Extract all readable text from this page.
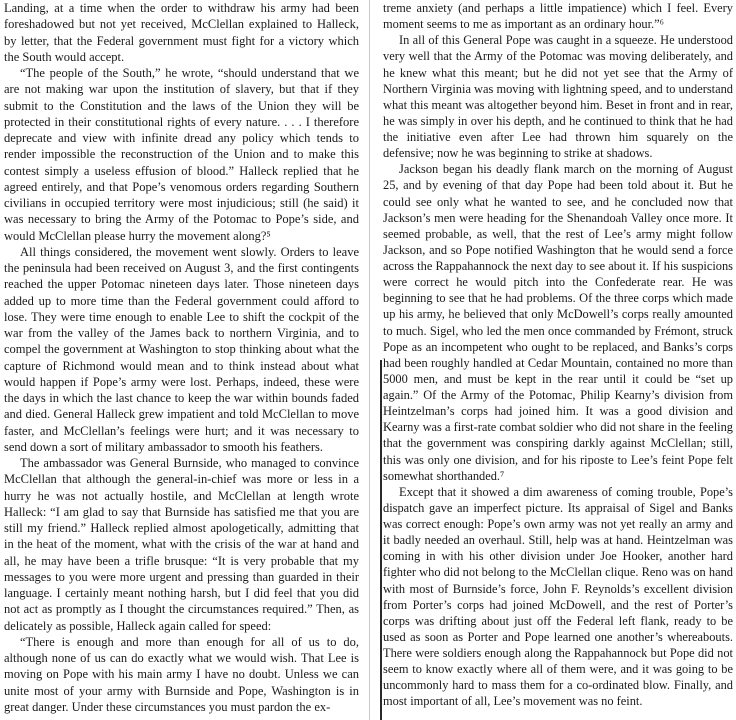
Landing, at a time when the order to withdraw his army had been foreshadowed but not yet received, McClellan explained to Halleck, by letter, that the Federal government must fight for a victory which the South would accept.

“The people of the South,” he wrote, “should understand that we are not making war upon the institution of slavery, but that if they submit to the Constitution and the laws of the Union they will be protected in their constitutional rights of every nature. . . . I therefore deprecate and view with infinite dread any policy which tends to render impossible the reconstruction of the Union and to make this contest simply a useless effusion of blood.” Halleck replied that he agreed entirely, and that Pope’s venomous orders regarding Southern civilians in occupied territory were most injudicious; still (he said) it was necessary to bring the Army of the Potomac to Pope’s side, and would McClellan please hurry the movement along?⁵

All things considered, the movement went slowly. Orders to leave the peninsula had been received on August 3, and the first contingents reached the upper Potomac nineteen days later. Those nineteen days added up to more time than the Federal government could afford to lose. They were time enough to enable Lee to shift the cockpit of the war from the valley of the James back to northern Virginia, and to compel the government at Washington to stop thinking about what the capture of Richmond would mean and to think instead about what would happen if Pope’s army were lost. Perhaps, indeed, these were the days in which the last chance to keep the war within bounds faded and died. General Halleck grew impatient and told McClellan to move faster, and McClellan’s feelings were hurt; and it was necessary to send down a sort of military ambassador to smooth his feathers.

The ambassador was General Burnside, who managed to convince McClellan that although the general-in-chief was more or less in a hurry he was not actually hostile, and McClellan at length wrote Halleck: “I am glad to say that Burnside has satisfied me that you are still my friend.” Halleck replied almost apologetically, admitting that in the heat of the moment, what with the crisis of the war at hand and all, he may have been a trifle brusque: “It is very probable that my messages to you were more urgent and pressing than guarded in their language. I certainly meant nothing harsh, but I did feel that you did not act as promptly as I thought the circumstances required.” Then, as delicately as possible, Halleck again called for speed:

“There is enough and more than enough for all of us to do, although none of us can do exactly what we would wish. That Lee is moving on Pope with his main army I have no doubt. Unless we can unite most of your army with Burnside and Pope, Washington is in great danger. Under these circumstances you must pardon the ex-

treme anxiety (and perhaps a little impatience) which I feel. Every moment seems to me as important as an ordinary hour.”⁶

In all of this General Pope was caught in a squeeze. He understood very well that the Army of the Potomac was moving deliberately, and he knew what this meant; but he did not yet see that the Army of Northern Virginia was moving with lightning speed, and to understand what this meant was altogether beyond him. Beset in front and in rear, he was simply in over his depth, and he continued to think that he had the initiative even after Lee had thrown him squarely on the defensive; now he was beginning to strike at shadows.

Jackson began his deadly flank march on the morning of August 25, and by evening of that day Pope had been told about it. But he could see only what he wanted to see, and he concluded now that Jackson’s men were heading for the Shenandoah Valley once more. It seemed probable, as well, that the rest of Lee’s army might follow Jackson, and so Pope notified Washington that he would send a force across the Rappahannock the next day to see about it. If his suspicions were correct he would pitch into the Confederate rear. He was beginning to see that he had problems. Of the three corps which made up his army, he believed that only McDowell’s corps really amounted to much. Sigel, who led the men once commanded by Frémont, struck Pope as an incompetent who ought to be replaced, and Banks’s corps had been roughly handled at Cedar Mountain, contained no more than 5000 men, and must be kept in the rear until it could be “set up again.” Of the Army of the Potomac, Philip Kearny’s division from Heintzelman’s corps had joined him. It was a good division and Kearny was a first-rate combat soldier who did not share in the feeling that the government was conspiring darkly against McClellan; still, this was only one division, and for his riposte to Lee’s feint Pope felt somewhat shorthanded.⁷

Except that it showed a dim awareness of coming trouble, Pope’s dispatch gave an imperfect picture. Its appraisal of Sigel and Banks was correct enough: Pope’s own army was not yet really an army and it badly needed an overhaul. Still, help was at hand. Heintzelman was coming in with his other division under Joe Hooker, another hard fighter who did not belong to the McClellan clique. Reno was on hand with most of Burnside’s force, John F. Reynolds’s excellent division from Porter’s corps had joined McDowell, and the rest of Porter’s corps was drifting about just off the Federal left flank, ready to be used as soon as Porter and Pope learned one another’s whereabouts. There were soldiers enough along the Rappahannock but Pope did not seem to know exactly where all of them were, and it was going to be uncommonly hard to mass them for a co-ordinated blow. Finally, and most important of all, Lee’s movement was no feint.
